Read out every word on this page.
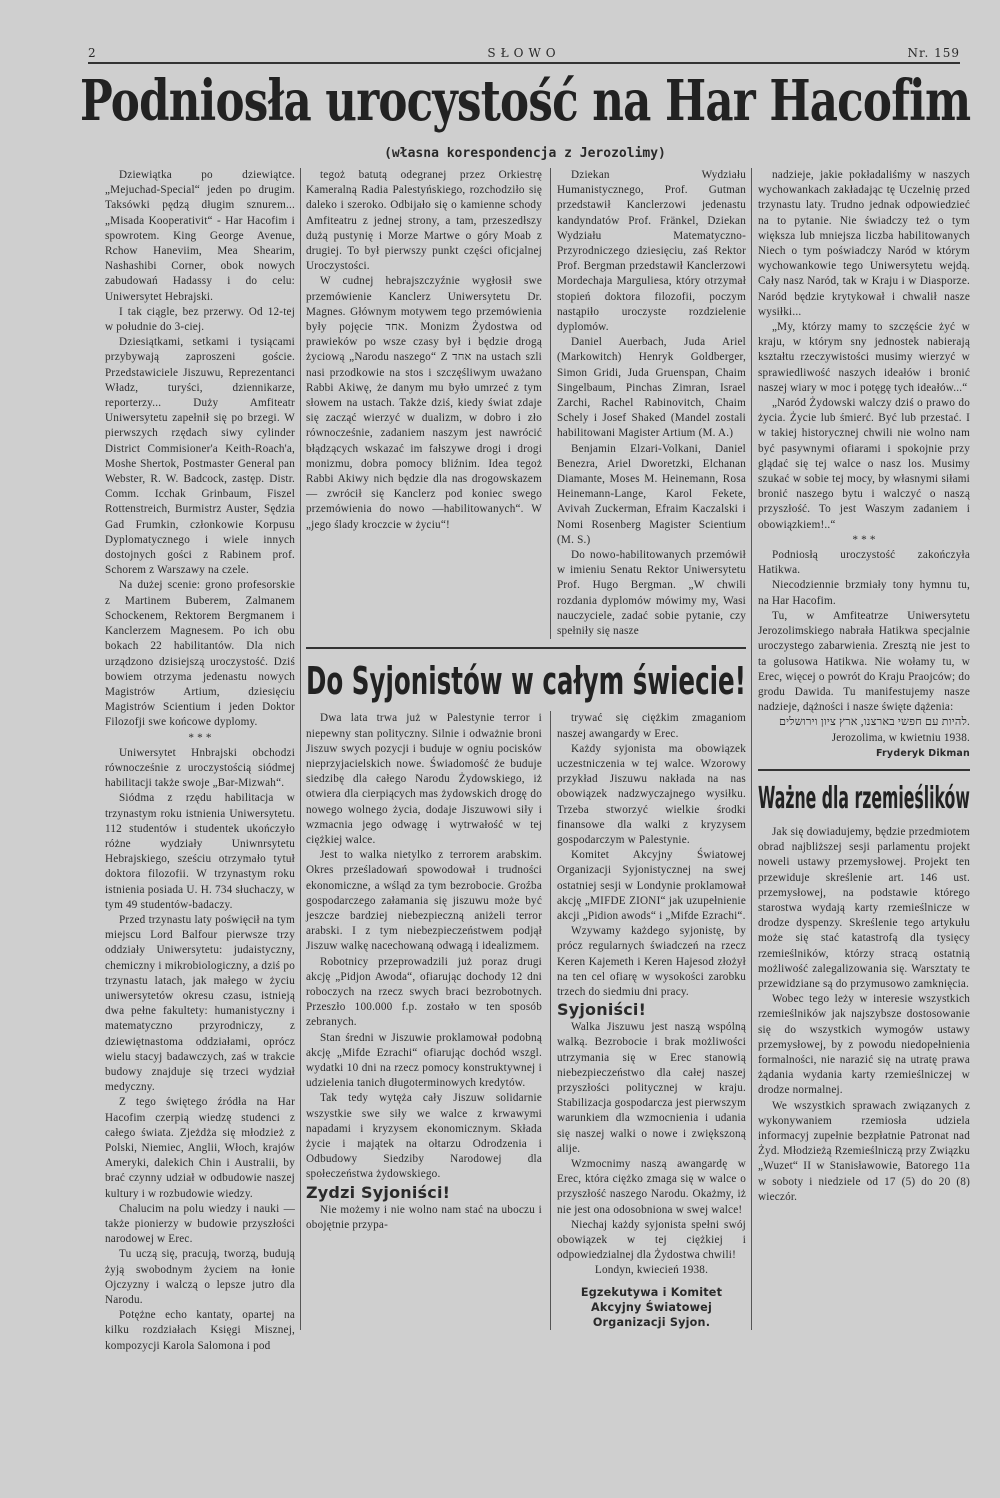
2	SŁOWO	Nr. 159
Podniosła urocystość na Har Hacofim
(własna korespondencja z Jerozolimy)

Dziewiątka po dziewiątce. „Mejuchad-Special“ jeden po drugim. Taksówki pędzą długim sznurem... „Misada Kooperativit“ - Har Hacofim i spowrotem. King George Avenue, Rchow Haneviim, Mea Shearim, Nashashibi Corner, obok nowych zabudowań Hadassy i do celu: Uniwersytet Hebrajski.

I tak ciągle, bez przerwy. Od 12-tej w południe do 3-ciej.

Dziesiątkami, setkami i tysiącami przybywają zaproszeni goście. Przedstawiciele Jiszuwu, Reprezentanci Władz, turyści, dziennikarze, reporterzy... Duży Amfiteatr Uniwersytetu zapełnił się po brzegi. W pierwszych rzędach siwy cylinder District Commisioner'a Keith-Roach'a, Moshe Shertok, Postmaster General pan Webster, R. W. Badcock, zastęp. Distr. Comm. Icchak Grinbaum, Fiszel Rottenstreich, Burmistrz Auster, Sędzia Gad Frumkin, członkowie Korpusu Dyplomatycznego i wiele innych dostojnych gości z Rabinem prof. Schorem z Warszawy na czele.

Na dużej scenie: grono profesorskie z Martinem Buberem, Zalmanem Schockenem, Rektorem Bergmanem i Kanclerzem Magnesem. Po ich obu bokach 22 habilitantów. Dla nich urządzono dzisiejszą uroczystość. Dziś bowiem otrzyma jedenastu nowych Magistrów Artium, dziesięciu Magistrów Scientium i jeden Doktor Filozofji swe końcowe dyplomy.

* * *

Uniwersytet Hnbrajski obchodzi równocześnie z uroczystością siódmej habilitacji także swoje „Bar-Mizwah“.

Siódma z rzędu habilitacja w trzynastym roku istnienia Uniwersytetu. 112 studentów i studentek ukończyło różne wydziały Uniwnrsytetu Hebrajskiego, sześciu otrzymało tytuł doktora filozofii. W trzynastym roku istnienia posiada U. H. 734 słuchaczy, w tym 49 studentów-badaczy.

Przed trzynastu laty poświęcił na tym miejscu Lord Balfour pierwsze trzy oddziały Uniwersytetu: judaistyczny, chemiczny i mikrobiologiczny, a dziś po trzynastu latach, jak małego w życiu uniwersytetów okresu czasu, istnieją dwa pełne fakultety: humanistyczny i matematyczno przyrodniczy, z dziewiętnastoma oddziałami, oprócz wielu stacyj badawczych, zaś w trakcie budowy znajduje się trzeci wydział medyczny.

Z tego świętego źródła na Har Hacofim czerpią wiedzę studenci z całego świata. Zjeżdża się młodzież z Polski, Niemiec, Anglii, Włoch, krajów Ameryki, dalekich Chin i Australii, by brać czynny udział w odbudowie naszej kultury i w rozbudowie wiedzy.

Chalucim na polu wiedzy i nauki — także pionierzy w budowie przyszłości narodowej w Erec.

Tu uczą się, pracują, tworzą, budują żyją swobodnym życiem na łonie Ojczyzny i walczą o lepsze jutro dla Narodu.

Potężne echo kantaty, opartej na kilku rozdziałach Księgi Misznej, kompozycji Karola Salomona i pod

tegoż batutą odegranej przez Orkiestrę Kameralną Radia Palestyńskiego, rozchodziło się daleko i szeroko. Odbijało się o kamienne schody Amfiteatru z jednej strony, a tam, przeszedłszy dużą pustynię i Morze Martwe o góry Moab z drugiej. To był pierwszy punkt części oficjalnej Uroczystości.

W cudnej hebrajszczyźnie wygłosił swe przemówienie Kanclerz Uniwersytetu Dr. Magnes. Głównym motywem tego przemówienia były pojęcie אחד. Monizm Żydostwa od prawieków po wsze czasy był i będzie drogą życiową „Narodu naszego“ Z אחד na ustach szli nasi przodkowie na stos i szczęśliwym uważano Rabbi Akiwę, że danym mu było umrzeć z tym słowem na ustach. Także dziś, kiedy świat zdaje się zacząć wierzyć w dualizm, w dobro i zło równocześnie, zadaniem naszym jest nawrócić błądzących wskazać im fałszywe drogi i drogi monizmu, dobra pomocy bliźnim. Idea tegoż Rabbi Akiwy nich będzie dla nas drogowskazem — zwrócił się Kanclerz pod koniec swego przemówienia do nowo —habilitowanych“. W „jego ślady kroczcie w życiu“!

Dziekan Wydziału Humanistycznego, Prof. Gutman przedstawił Kanclerzowi jedenastu kandyndatów Prof. Fränkel, Dziekan Wydziału Matematyczno-Przyrodniczego dziesięciu, zaś Rektor Prof. Bergman przedstawił Kanclerzowi Mordechaja Marguliesa, który otrzymał stopień doktora filozofii, poczym nastąpiło uroczyste rozdzielenie dyplomów.

Daniel Auerbach, Juda Ariel (Markowitch) Henryk Goldberger, Simon Gridi, Juda Gruenspan, Chaim Singelbaum, Pinchas Zimran, Israel Zarchi, Rachel Rabinovitch, Chaim Schely i Josef Shaked (Mandel zostali habilitowani Magister Artium (M. A.)

Benjamin Elzari-Volkani, Daniel Benezra, Ariel Dworetzki, Elchanan Diamante, Moses M. Heinemann, Rosa Heinemann-Lange, Karol Fekete, Avivah Zuckerman, Efraim Kaczalski i Nomi Rosenberg Magister Scientium (M. S.)

Do nowo-habilitowanych przemówił w imieniu Senatu Rektor Uniwersytetu Prof. Hugo Bergman. „W chwili rozdania dyplomów mówimy my, Wasi nauczyciele, zadać sobie pytanie, czy spełniły się nasze

Do Syjonistów w całym świecie!

Dwa lata trwa już w Palestynie terror i niepewny stan polityczny. Silnie i odważnie broni Jiszuw swych pozycji i buduje w ogniu pocisków nieprzyjacielskich nowe. Świadomość że buduje siedzibę dla całego Narodu Żydowskiego, iż otwiera dla cierpiących mas żydowskich drogę do nowego wolnego życia, dodaje Jiszuwowi siły i wzmacnia jego odwagę i wytrwałość w tej ciężkiej walce.

Jest to walka nietylko z terrorem arabskim. Okres prześladowań spowodował i trudności ekonomiczne, a wśląd za tym bezrobocie. Groźba gospodarczego załamania się jiszuwu może być jeszcze bardziej niebezpieczną aniżeli terror arabski. I z tym niebezpieczeństwem podjął Jiszuw walkę nacechowaną odwagą i idealizmem.

Robotnicy przeprowadzili już poraz drugi akcję „Pidjon Awoda“, ofiarując dochody 12 dni roboczych na rzecz swych braci bezrobotnych. Przeszło 100.000 f.p. zostało w ten sposób zebranych.

Stan średni w Jiszuwie proklamował podobną akcję „Mifde Ezrachi“ ofiarując dochód wszgl. wydatki 10 dni na rzecz pomocy konstruktywnej i udzielenia tanich długoterminowych kredytów.

Tak tedy wytęża cały Jiszuw solidarnie wszystkie swe siły we walce z krwawymi napadami i kryzysem ekonomicznym. Składa życie i majątek na ołtarzu Odrodzenia i Odbudowy Siedziby Narodowej dla społeczeństwa żydowskiego.

Zydzi Syjoniści!

Nie możemy i nie wolno nam stać na uboczu i obojętnie przypa-

trywać się ciężkim zmaganiom naszej awangardy w Erec.

Każdy syjonista ma obowiązek uczestniczenia w tej walce. Wzorowy przykład Jiszuwu nakłada na nas obowiązek nadzwyczajnego wysiłku. Trzeba stworzyć wielkie środki finansowe dla walki z kryzysem gospodarczym w Palestynie.

Komitet Akcyjny Światowej Organizacji Syjonistycznej na swej ostatniej sesji w Londynie proklamował akcję „MIFDE ZIONI“ jak uzupełnienie akcji „Pidion awods“ i „Mifde Ezrachi“.

Wzywamy każdego syjonistę, by prócz regularnych świadczeń na rzecz Keren Kajemeth i Keren Hajesod złożył na ten cel ofiarę w wysokości zarobku trzech do siedmiu dni pracy.

Syjoniści!

Walka Jiszuwu jest naszą wspólną walką. Bezrobocie i brak możliwości utrzymania się w Erec stanowią niebezpieczeństwo dla całej naszej przyszłości politycznej w kraju. Stabilizacja gospodarcza jest pierwszym warunkiem dla wzmocnienia i udania się naszej walki o nowe i zwiększoną alije.

Wzmocnimy naszą awangardę w Erec, która ciężko zmaga się w walce o przyszłość naszego Narodu. Okażmy, iż nie jest ona odosobniona w swej walce!

Niechaj każdy syjonista spełni swój obowiązek w tej ciężkiej i odpowiedzialnej dla Żydostwa chwili!

Londyn, kwiecień 1938.

Egzekutywa i Komitet Akcyjny Światowej Organizacji Syjon.

nadzieje, jakie pokładaliśmy w naszych wychowankach zakładając tę Uczelnię przed trzynastu laty. Trudno jednak odpowiedzieć na to pytanie. Nie świadczy też o tym większa lub mniejsza liczba habilitowanych Niech o tym poświadczy Naród w którym wychowankowie tego Uniwersytetu wejdą. Cały nasz Naród, tak w Kraju i w Diasporze. Naród będzie krytykował i chwalił nasze wysiłki...

„My, którzy mamy to szczęście żyć w kraju, w którym sny jednostek nabierają kształtu rzeczywistości musimy wierzyć w sprawiedliwość naszych ideałów i bronić naszej wiary w moc i potęgę tych ideałów...“

„Naród Żydowski walczy dziś o prawo do życia. Życie lub śmierć. Być lub przestać. I w takiej historycznej chwili nie wolno nam być pasywnymi ofiarami i spokojnie przy glądać się tej walce o nasz los. Musimy szukać w sobie tej mocy, by własnymi siłami bronić naszego bytu i walczyć o naszą przyszłość. To jest Waszym zadaniem i obowiązkiem!..“

* * *

Podniosłą uroczystość zakończyła Hatikwa.

Niecodziennie brzmiały tony hymnu tu, na Har Hacofim.

Tu, w Amfiteatrze Uniwersytetu Jerozolimskiego nabrała Hatikwa specjalnie uroczystego zabarwienia. Zresztą nie jest to ta golusowa Hatikwa. Nie wołamy tu, w Erec, więcej o powrót do Kraju Praojców; do grodu Dawida. Tu manifestujemy nasze nadzieje, dążności i nasze święte dążenia:

להיות עם חפשי בארצנו, ארץ ציון וירושלים.

Jerozolima, w kwietniu 1938.

Fryderyk Dikman

Ważne dla rzemieślików

Jak się dowiadujemy, będzie przedmiotem obrad najbliższej sesji parlamentu projekt noweli ustawy przemysłowej. Projekt ten przewiduje skreślenie art. 146 ust. przemysłowej, na podstawie którego starostwa wydają karty rzemieślnicze w drodze dyspenzy. Skreślenie tego artykułu może się stać katastrofą dla tysięcy rzemieślników, którzy stracą ostatnią możliwość zalegalizowania się. Warsztaty te przewidziane są do przymusowo zamknięcia.

Wobec tego leży w interesie wszystkich rzemieślników jak najszybsze dostosowanie się do wszystkich wymogów ustawy przemysłowej, by z powodu niedopełnienia formalności, nie narazić się na utratę prawa żądania wydania karty rzemieślniczej w drodze normalnej.

We wszystkich sprawach związanych z wykonywaniem rzemiosła udziela informacyj zupełnie bezpłatnie Patronat nad Żyd. Młodzieżą Rzemieślniczą przy Związku „Wuzet“ II w Stanisławowie, Batorego 11a w soboty i niedziele od 17 (5) do 20 (8) wieczór.
